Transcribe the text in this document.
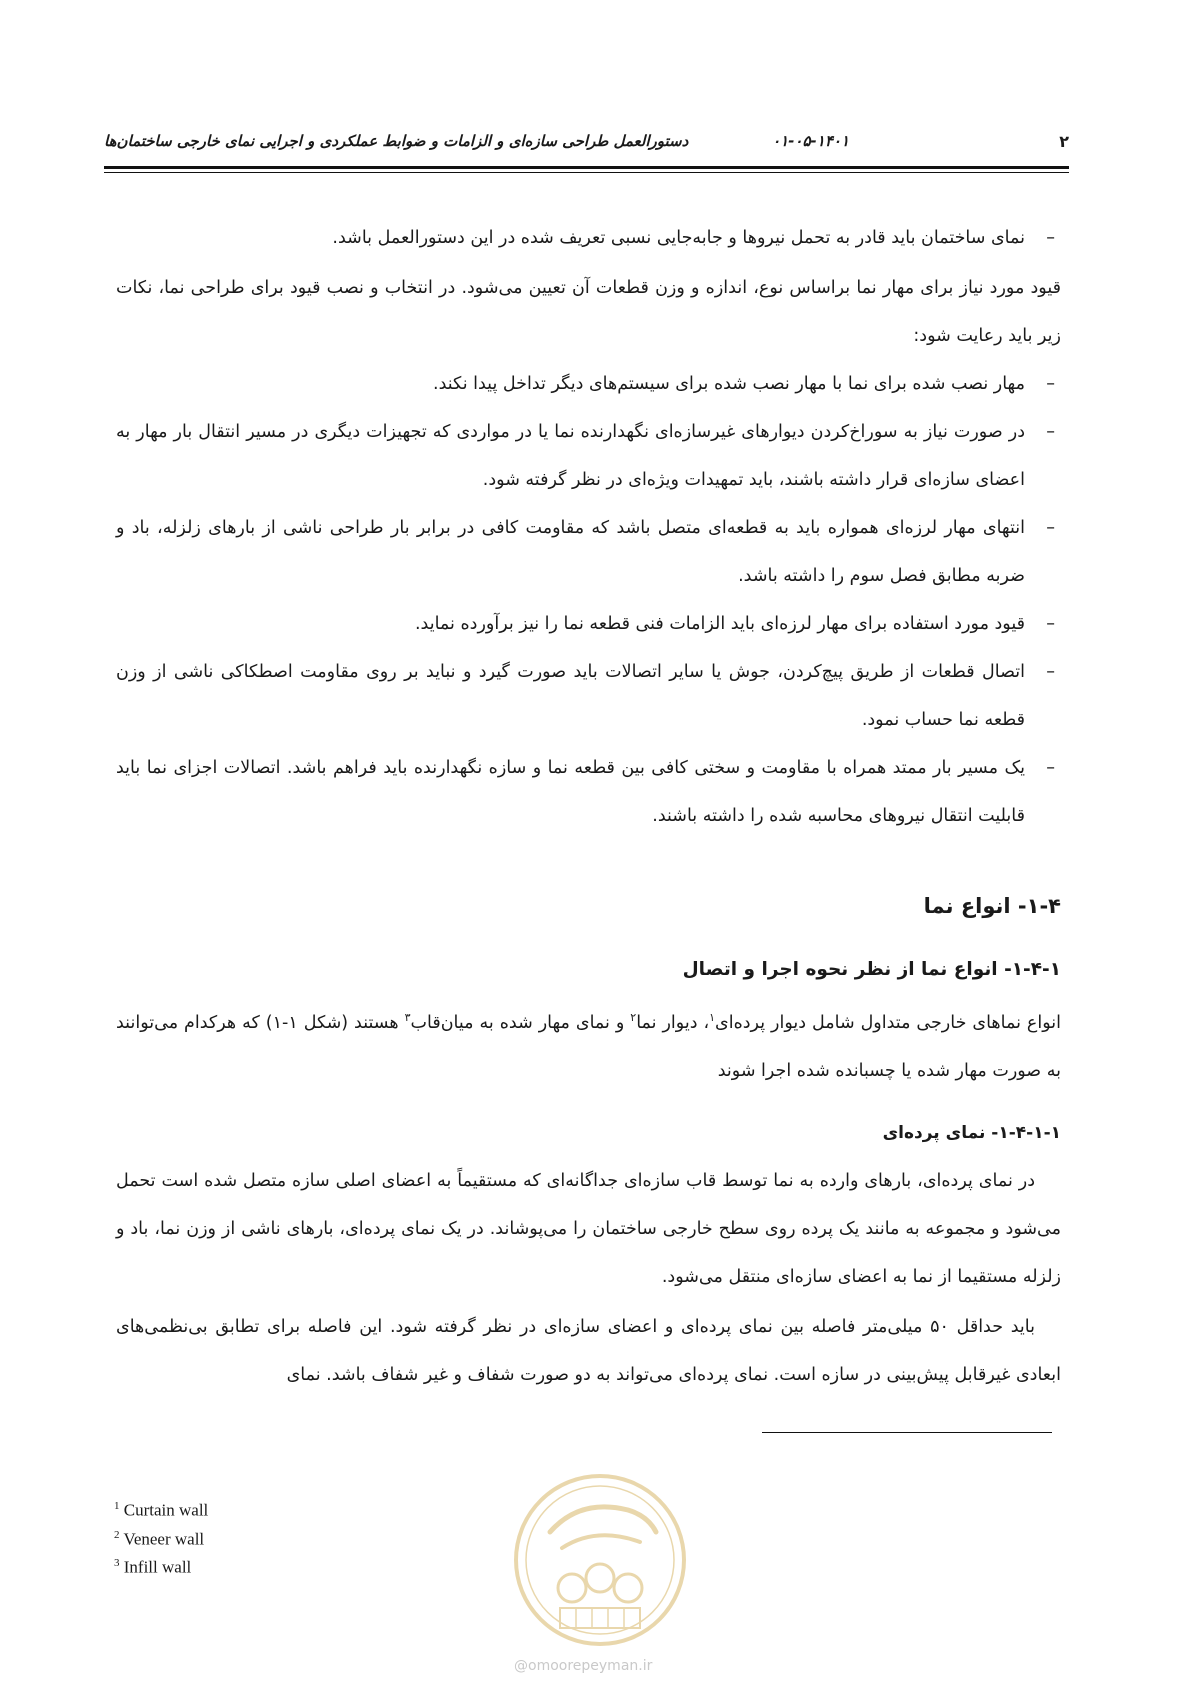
۲
۰۱-۰۵-۱۴۰۱
دستورالعمل طراحی سازه‌ای و الزامات و ضوابط عملکردی و اجرایی نمای خارجی ساختمان‌ها
–
نمای ساختمان باید قادر به تحمل نیروها و جابه‌جایی نسبی تعریف شده در این دستورالعمل باشد.
قیود مورد نیاز برای مهار نما براساس نوع، اندازه و وزن قطعات آن تعیین می‌شود. در انتخاب و نصب قیود برای طراحی نما، نکات زیر باید رعایت شود:
–
مهار نصب شده برای نما با مهار نصب شده برای سیستم‌های دیگر تداخل پیدا نکند.
–
در صورت نیاز به سوراخ‌کردن دیوارهای غیرسازه‌ای نگهدارنده نما یا در مواردی که تجهیزات دیگری در مسیر انتقال بار مهار به اعضای سازه‌ای قرار داشته باشند، باید تمهیدات ویژه‌ای در نظر گرفته شود.
–
انتهای مهار لرزه‌ای همواره باید به قطعه‌ای متصل باشد که مقاومت کافی در برابر بار طراحی ناشی از بارهای زلزله، باد و ضربه مطابق فصل سوم را داشته باشد.
–
قیود مورد استفاده برای مهار لرزه‌ای باید الزامات فنی قطعه نما را نیز برآورده نماید.
–
اتصال قطعات از طریق پیچ‌کردن، جوش یا سایر اتصالات باید صورت گیرد و نباید بر روی مقاومت اصطکاکی ناشی از وزن قطعه نما حساب نمود.
–
یک مسیر بار ممتد همراه با مقاومت و سختی کافی بین قطعه نما و سازه نگهدارنده باید فراهم باشد. اتصالات اجزای نما باید قابلیت انتقال نیروهای محاسبه شده را داشته باشند.
۱-۴- انواع نما
۱-۴-۱- انواع نما از نظر نحوه اجرا و اتصال
انواع نماهای خارجی متداول شامل دیوار پرده‌ای$^۱$، دیوار نما$^۲$ و نمای مهار شده به میان‌قاب$^۳$ هستند (شکل ۱-۱) که هرکدام می‌توانند به صورت مهار شده یا چسبانده شده اجرا شوند
۱-۴-۱-۱- نمای پرده‌ای
در نمای پرده‌ای، بارهای وارده به نما توسط قاب سازه‌ای جداگانه‌ای که مستقیماً به اعضای اصلی سازه متصل شده است تحمل می‌شود و مجموعه به مانند یک پرده روی سطح خارجی ساختمان را می‌پوشاند. در یک نمای پرده‌ای، بارهای ناشی از وزن نما، باد و زلزله مستقیما از نما به اعضای سازه‌ای منتقل می‌شود.
باید حداقل ۵۰ میلی‌متر فاصله بین نمای پرده‌ای و اعضای سازه‌ای در نظر گرفته شود. این فاصله برای تطابق بی‌نظمی‌های ابعادی غیرقابل پیش‌بینی در سازه است. نمای پرده‌ای می‌تواند به دو صورت شفاف و غیر شفاف باشد. نمای
$^1$ Curtain wall
$^2$ Veneer wall
$^3$ Infill wall
@omoorepeyman.ir
